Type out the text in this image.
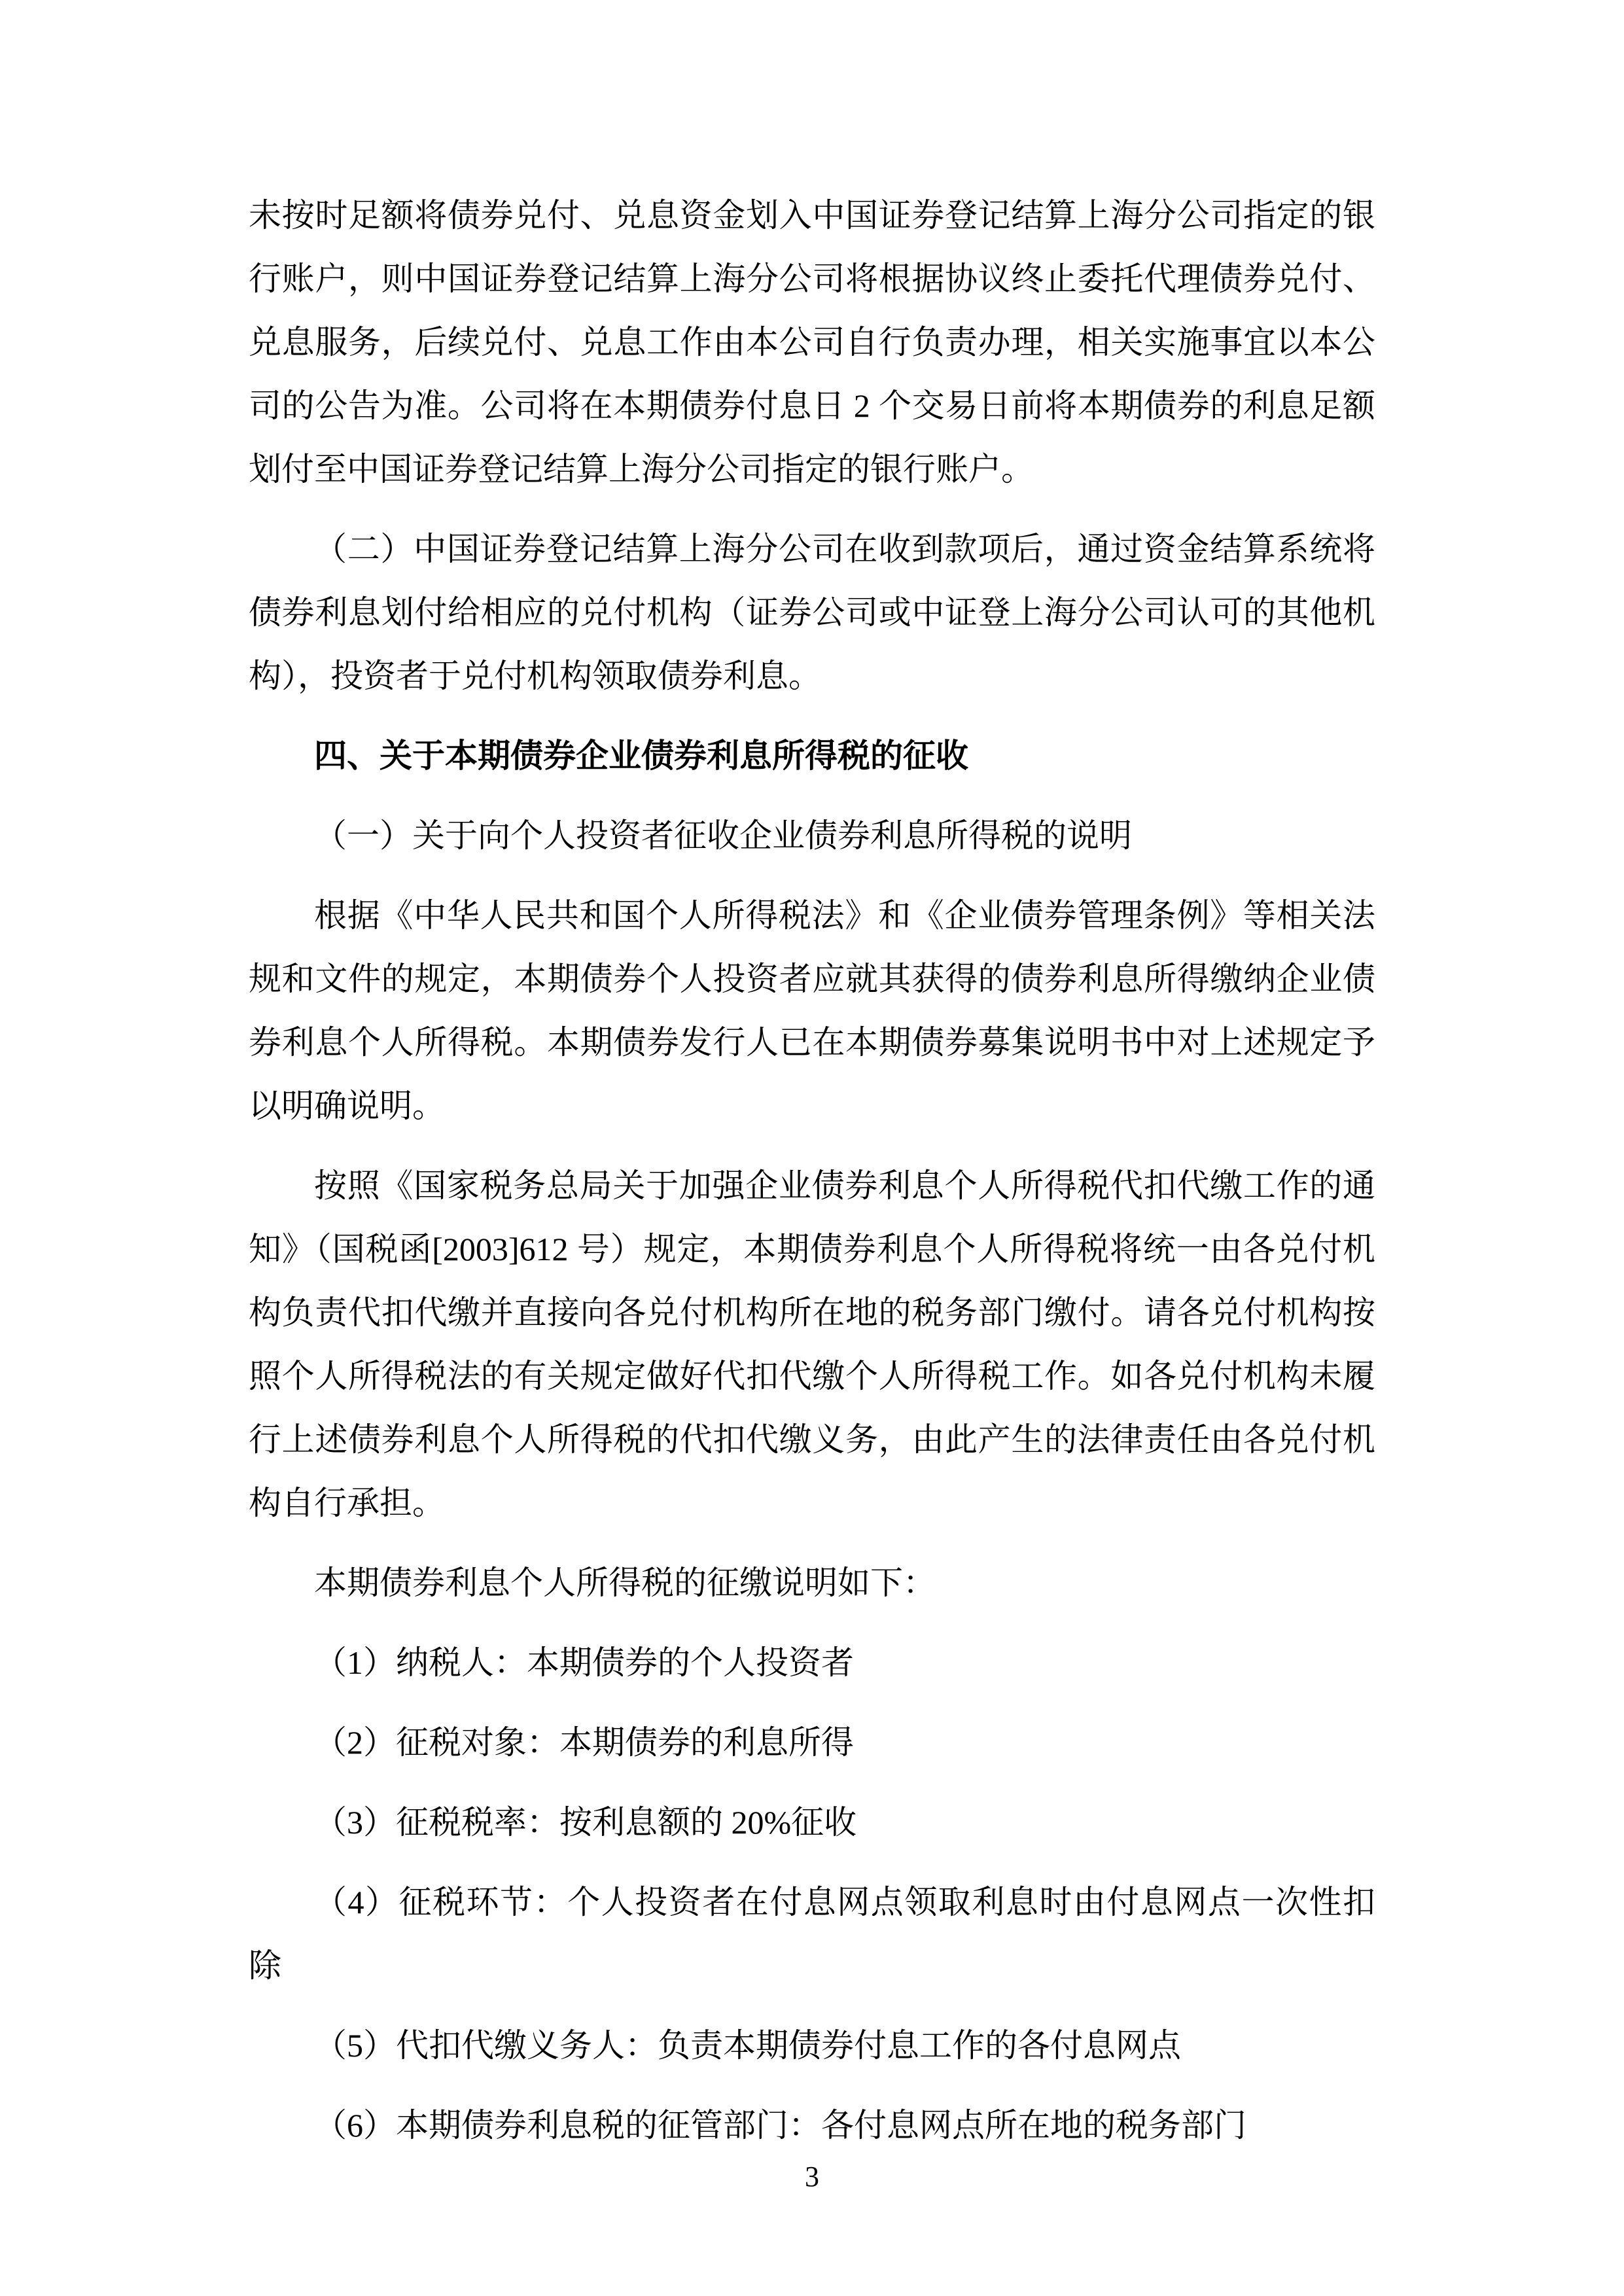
未按时足额将债券兑付、兑息资金划入中国证券登记结算上海分公司指定的银行账户，则中国证券登记结算上海分公司将根据协议终止委托代理债券兑付、兑息服务，后续兑付、兑息工作由本公司自行负责办理，相关实施事宜以本公司的公告为准。公司将在本期债券付息日 2 个交易日前将本期债券的利息足额划付至中国证券登记结算上海分公司指定的银行账户。

（二）中国证券登记结算上海分公司在收到款项后，通过资金结算系统将债券利息划付给相应的兑付机构（证券公司或中证登上海分公司认可的其他机构），投资者于兑付机构领取债券利息。

四、关于本期债券企业债券利息所得税的征收

（一）关于向个人投资者征收企业债券利息所得税的说明

根据《中华人民共和国个人所得税法》和《企业债券管理条例》等相关法规和文件的规定，本期债券个人投资者应就其获得的债券利息所得缴纳企业债券利息个人所得税。本期债券发行人已在本期债券募集说明书中对上述规定予以明确说明。

按照《国家税务总局关于加强企业债券利息个人所得税代扣代缴工作的通知》（国税函[2003]612 号）规定，本期债券利息个人所得税将统一由各兑付机构负责代扣代缴并直接向各兑付机构所在地的税务部门缴付。请各兑付机构按照个人所得税法的有关规定做好代扣代缴个人所得税工作。如各兑付机构未履行上述债券利息个人所得税的代扣代缴义务，由此产生的法律责任由各兑付机构自行承担。

本期债券利息个人所得税的征缴说明如下：

（1）纳税人：本期债券的个人投资者

（2）征税对象：本期债券的利息所得

（3）征税税率：按利息额的 20%征收

（4）征税环节：个人投资者在付息网点领取利息时由付息网点一次性扣除

（5）代扣代缴义务人：负责本期债券付息工作的各付息网点

（6）本期债券利息税的征管部门：各付息网点所在地的税务部门

3
